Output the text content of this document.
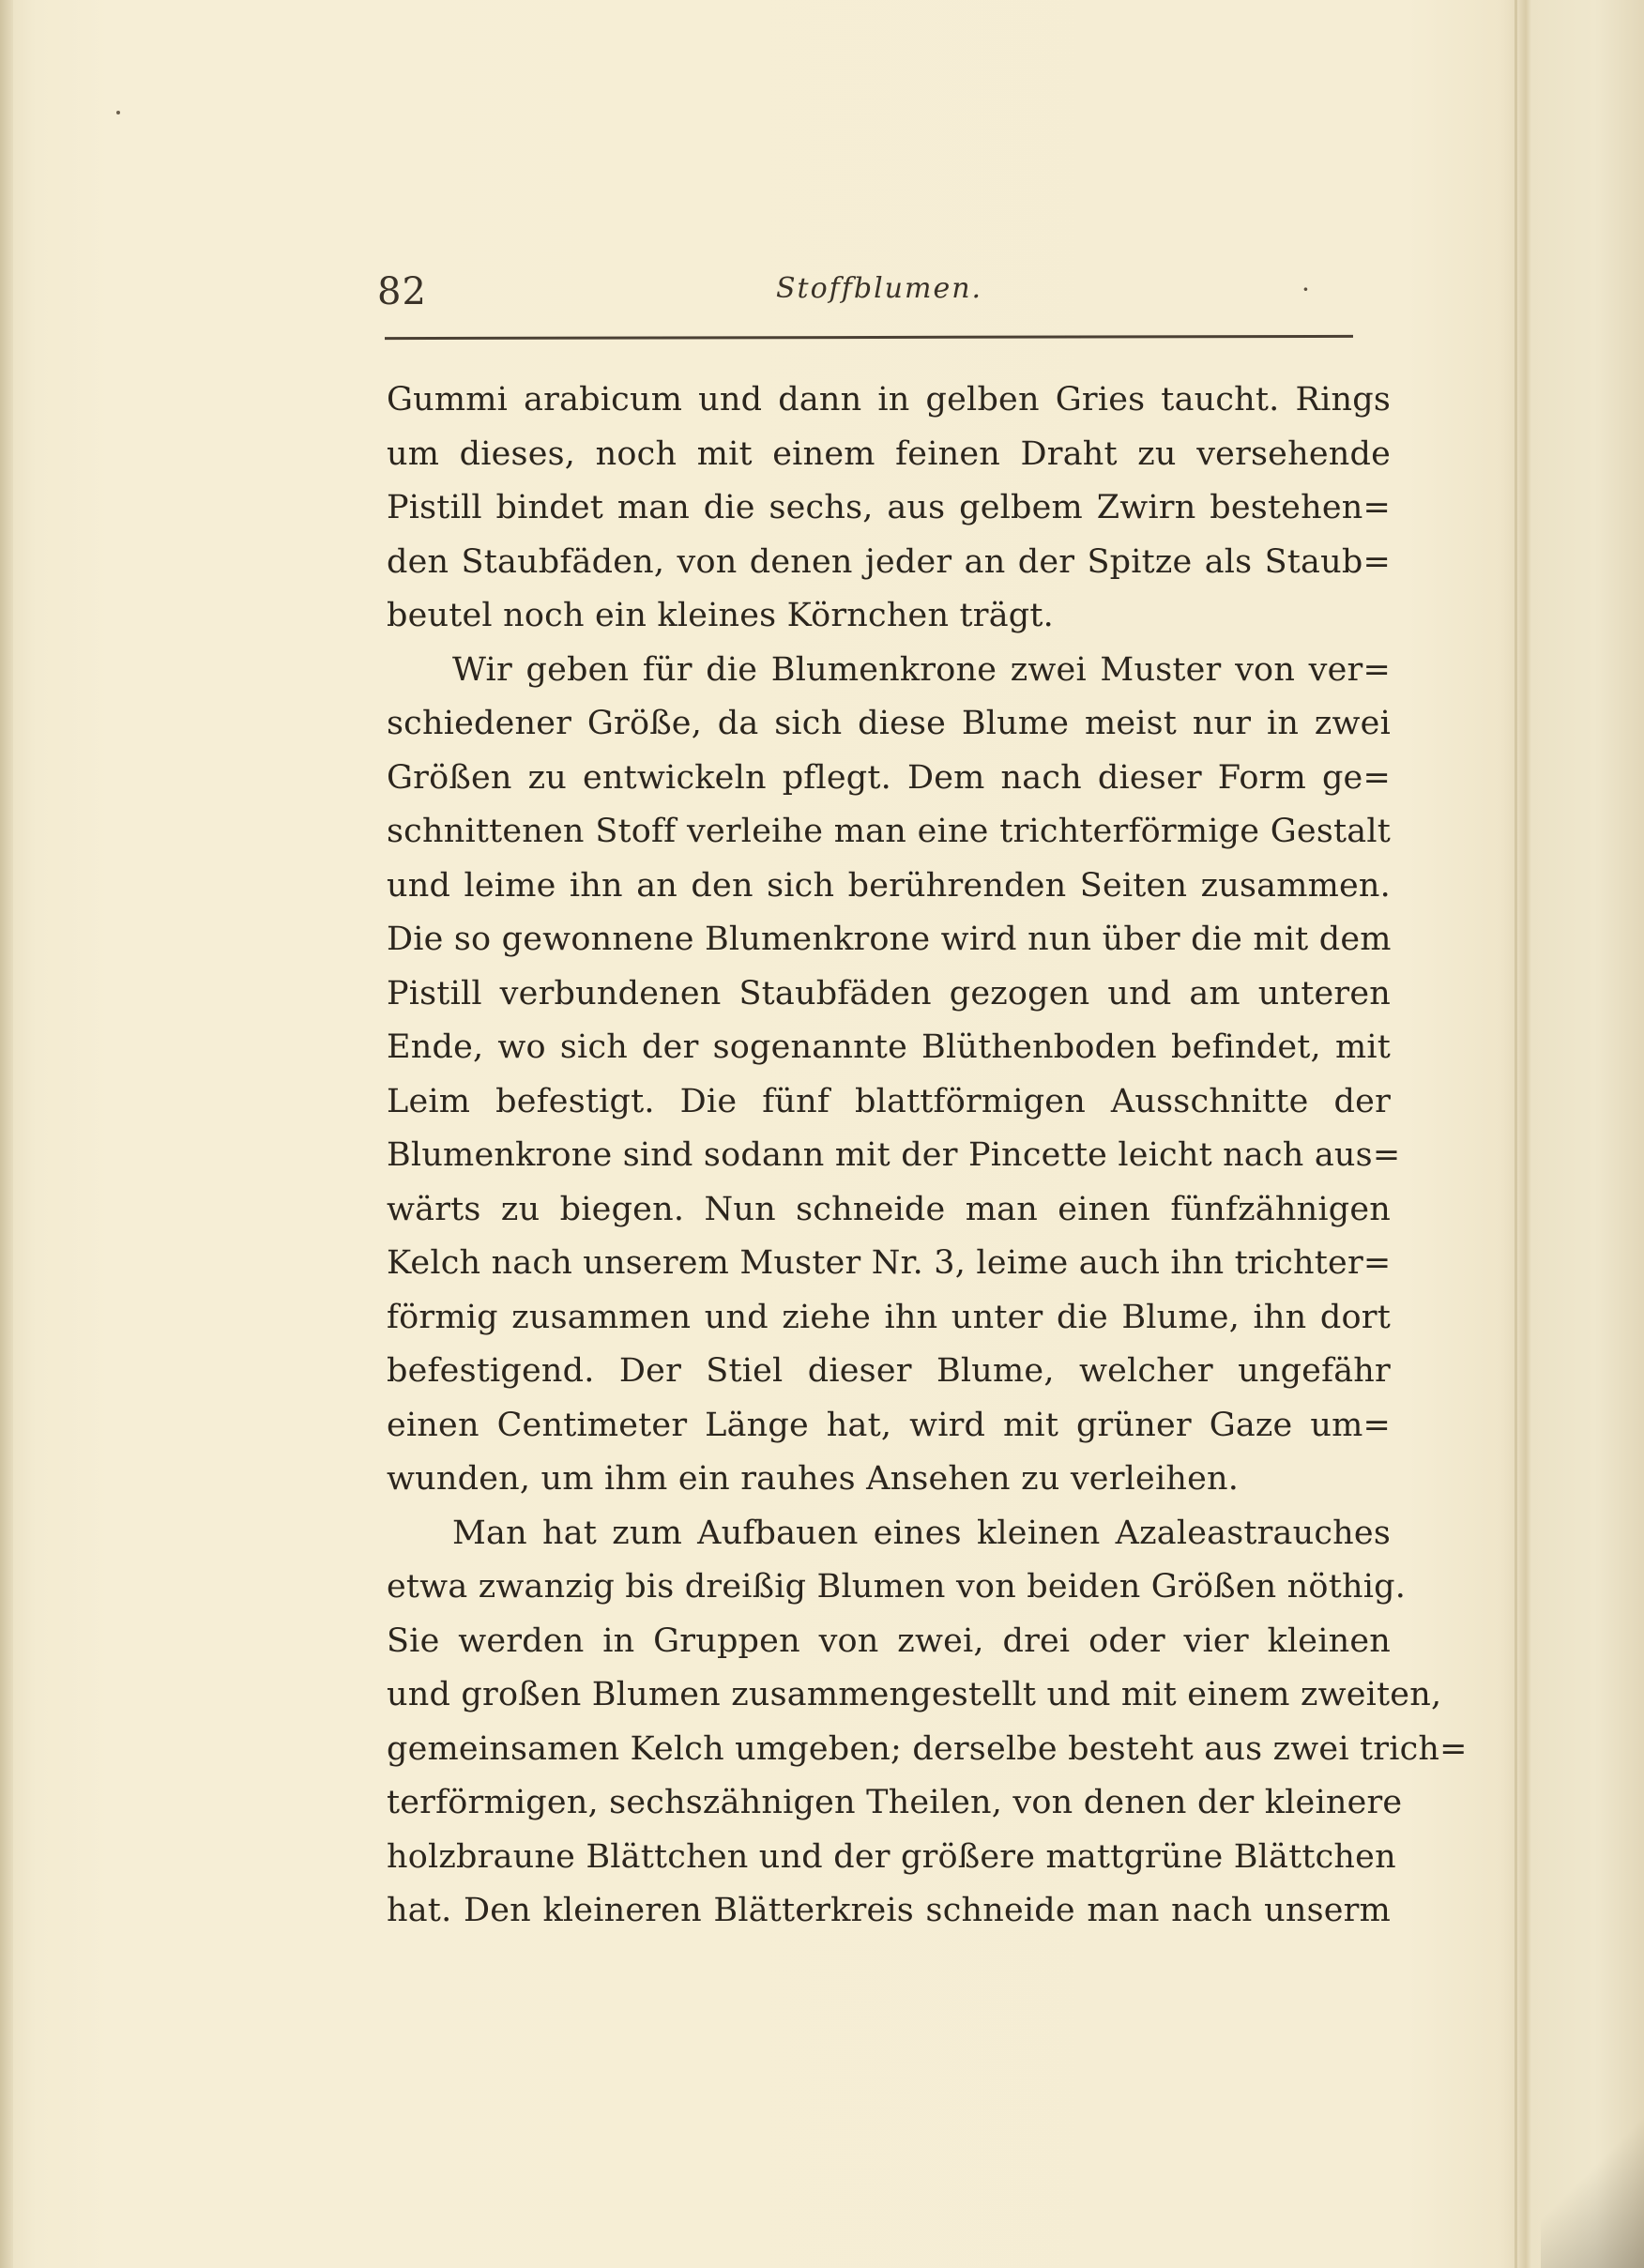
82	Stoffblumen.	·
Gummi arabicum und dann in gelben Gries taucht. Rings
um dieses, noch mit einem feinen Draht zu versehende
Pistill bindet man die sechs, aus gelbem Zwirn bestehen=
den Staubfäden, von denen jeder an der Spitze als Staub=
beutel noch ein kleines Körnchen trägt.
Wir geben für die Blumenkrone zwei Muster von ver=
schiedener Größe, da sich diese Blume meist nur in zwei
Größen zu entwickeln pflegt. Dem nach dieser Form ge=
schnittenen Stoff verleihe man eine trichterförmige Gestalt
und leime ihn an den sich berührenden Seiten zusammen.
Die so gewonnene Blumenkrone wird nun über die mit dem
Pistill verbundenen Staubfäden gezogen und am unteren
Ende, wo sich der sogenannte Blüthenboden befindet, mit
Leim befestigt. Die fünf blattförmigen Ausschnitte der
Blumenkrone sind sodann mit der Pincette leicht nach aus=
wärts zu biegen. Nun schneide man einen fünfzähnigen
Kelch nach unserem Muster Nr. 3, leime auch ihn trichter=
förmig zusammen und ziehe ihn unter die Blume, ihn dort
befestigend. Der Stiel dieser Blume, welcher ungefähr
einen Centimeter Länge hat, wird mit grüner Gaze um=
wunden, um ihm ein rauhes Ansehen zu verleihen.
Man hat zum Aufbauen eines kleinen Azaleastrauches
etwa zwanzig bis dreißig Blumen von beiden Größen nöthig.
Sie werden in Gruppen von zwei, drei oder vier kleinen
und großen Blumen zusammengestellt und mit einem zweiten,
gemeinsamen Kelch umgeben; derselbe besteht aus zwei trich=
terförmigen, sechszähnigen Theilen, von denen der kleinere
holzbraune Blättchen und der größere mattgrüne Blättchen
hat. Den kleineren Blätterkreis schneide man nach unserm
